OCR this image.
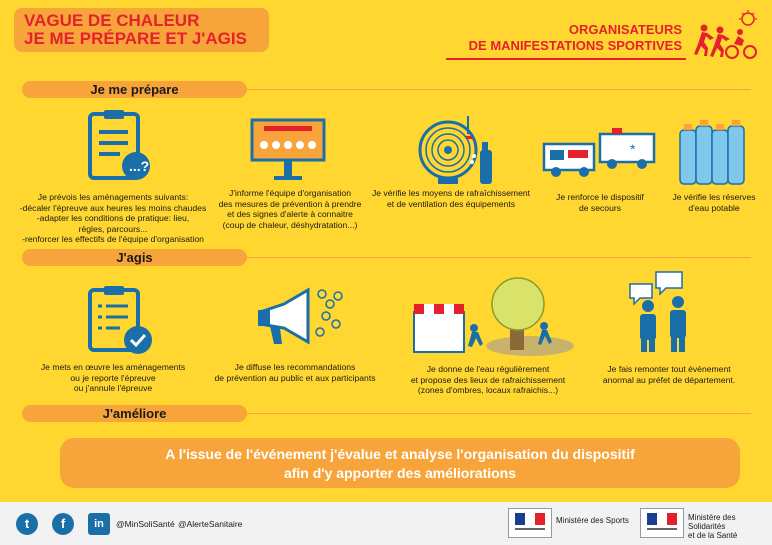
VAGUE DE CHALEUR
JE ME PRÉPARE ET J'AGIS	ORGANISATEURS
DE MANIFESTATIONS SPORTIVES
Je me prépare
...?
*
Je prévois les aménagements suivants:
-décaler l'épreuve aux heures les moins chaudes
-adapter les conditions de pratique: lieu,
règles, parcours...
-renforcer les effectifs de l'équipe d'organisation
J'informe l'équipe d'organisation
des mesures de prévention à prendre
et des signes d'alerte à connaitre
(coup de chaleur, déshydratation...)
Je vérifie les moyens de rafraîchissement
et de ventilation des équipements
Je renforce le dispositif
de secours
Je vérifie les réserves
d'eau potable
J'agis
Je mets en œuvre les aménagements
ou je reporte l'épreuve
ou j'annule l'épreuve
Je diffuse les recommandations
de prévention au public et aux participants
Je donne de l'eau régulièrement
et propose des lieux de rafraichissement
(zones d'ombres, locaux rafraichis...)
Je fais remonter tout événement
anormal au préfet de département.
J'améliore
A l'issue de l'événement j'évalue et analyse l'organisation du dispositif
afin d'y apporter des améliorations
t	f	in	@MinSoliSanté @AlerteSanitaire	Ministère des Sports	Ministère des Solidarités
et de la Santé
